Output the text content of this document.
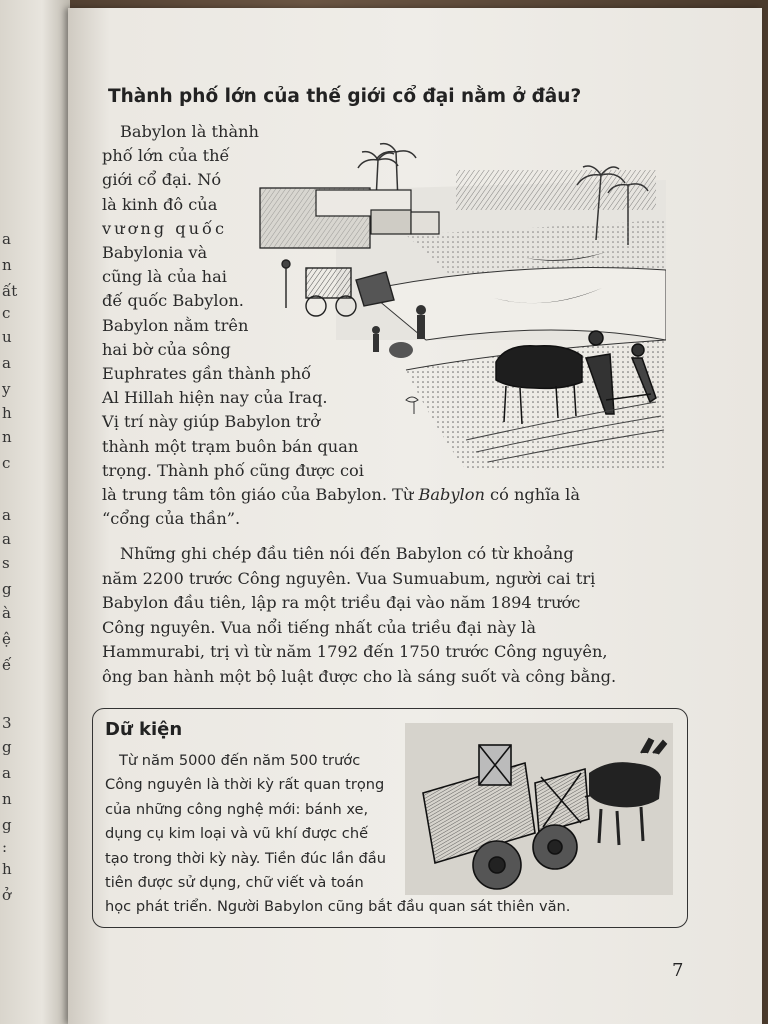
a
n
ất
c
u
a
y
h
n
c
a
a
s
g
à
ệ
ế
3
g
a
n
g
:
h
ở
Thành phố lớn của thế giới cổ đại nằm ở đâu?
Babylon là thành
phố lớn của thế
giới cổ đại. Nó
là kinh đô của
vương quốc
Babylonia và
cũng là của hai
đế quốc Babylon.
Babylon nằm trên
hai bờ của sông
Euphrates gần thành phố
Al Hillah hiện nay của Iraq.
Vị trí này giúp Babylon trở
thành một trạm buôn bán quan
trọng. Thành phố cũng được coi
là trung tâm tôn giáo của Babylon. Từ Babylon có nghĩa là
“cổng của thần”.
Những ghi chép đầu tiên nói đến Babylon có từ khoảng
năm 2200 trước Công nguyên. Vua Sumuabum, người cai trị
Babylon đầu tiên, lập ra một triều đại vào năm 1894 trước
Công nguyên. Vua nổi tiếng nhất của triều đại này là
Hammurabi, trị vì từ năm 1792 đến 1750 trước Công nguyên,
ông ban hành một bộ luật được cho là sáng suốt và công bằng.
Dữ kiện
Từ năm 5000 đến năm 500 trước
Công nguyên là thời kỳ rất quan trọng
của những công nghệ mới: bánh xe,
dụng cụ kim loại và vũ khí được chế
tạo trong thời kỳ này. Tiền đúc lần đầu
tiên được sử dụng, chữ viết và toán
học phát triển. Người Babylon cũng bắt đầu quan sát thiên văn.

7
